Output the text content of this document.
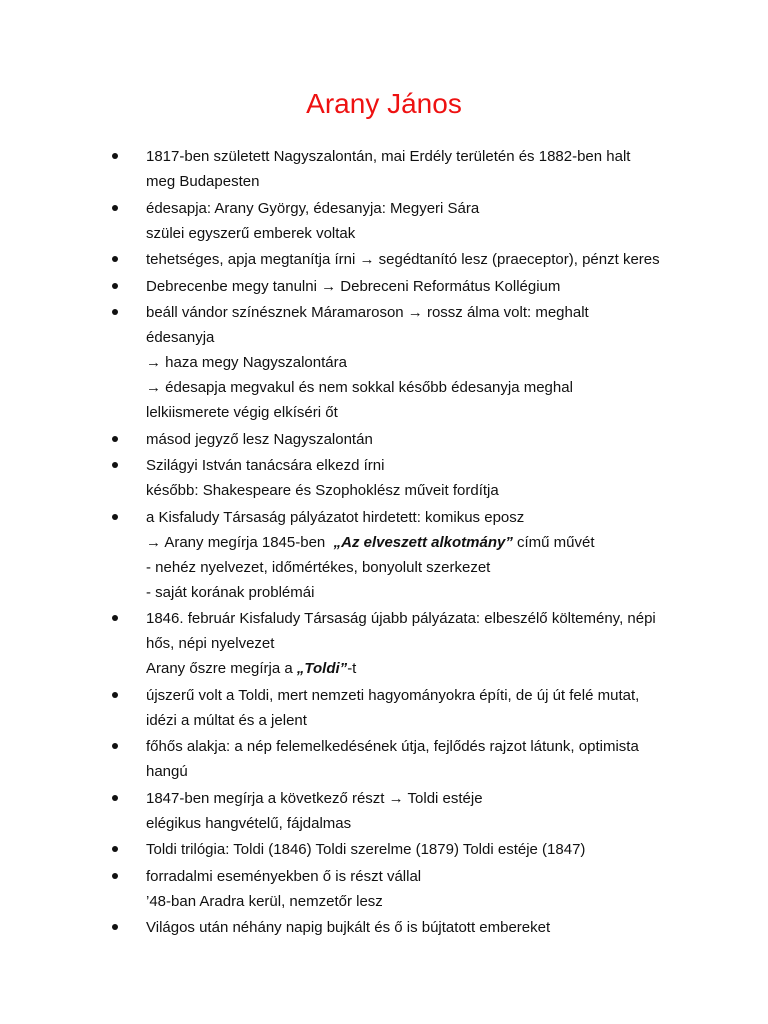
Arany János
1817-ben született Nagyszalontán, mai Erdély területén és 1882-ben halt
meg Budapesten
édesapja: Arany György, édesanyja: Megyeri Sára
szülei egyszerű emberek voltak
tehetséges, apja megtanítja írni → segédtanító lesz (praeceptor), pénzt keres
Debrecenbe megy tanulni → Debreceni Református Kollégium
beáll vándor színésznek Máramaroson → rossz álma volt: meghalt
édesanyja
→ haza megy Nagyszalontára
→ édesapja megvakul és nem sokkal később édesanyja meghal
lelkiismerete végig elkíséri őt
másod jegyző lesz Nagyszalontán
Szilágyi István tanácsára elkezd írni
később: Shakespeare és Szophoklész műveit fordítja
a Kisfaludy Társaság pályázatot hirdetett: komikus eposz
→ Arany megírja 1845-ben  „Az elveszett alkotmány” című művét
- nehéz nyelvezet, időmértékes, bonyolult szerkezet
- saját korának problémái
1846. február Kisfaludy Társaság újabb pályázata: elbeszélő költemény, népi
hős, népi nyelvezet
Arany őszre megírja a „Toldi”-t
újszerű volt a Toldi, mert nemzeti hagyományokra építi, de új út felé mutat,
idézi a múltat és a jelent
főhős alakja: a nép felemelkedésének útja, fejlődés rajzot látunk, optimista
hangú
1847-ben megírja a következő részt → Toldi estéje
elégikus hangvételű, fájdalmas
Toldi trilógia: Toldi (1846) Toldi szerelme (1879) Toldi estéje (1847)
forradalmi eseményekben ő is részt vállal
’48-ban Aradra kerül, nemzetőr lesz
Világos után néhány napig bujkált és ő is bújtatott embereket
